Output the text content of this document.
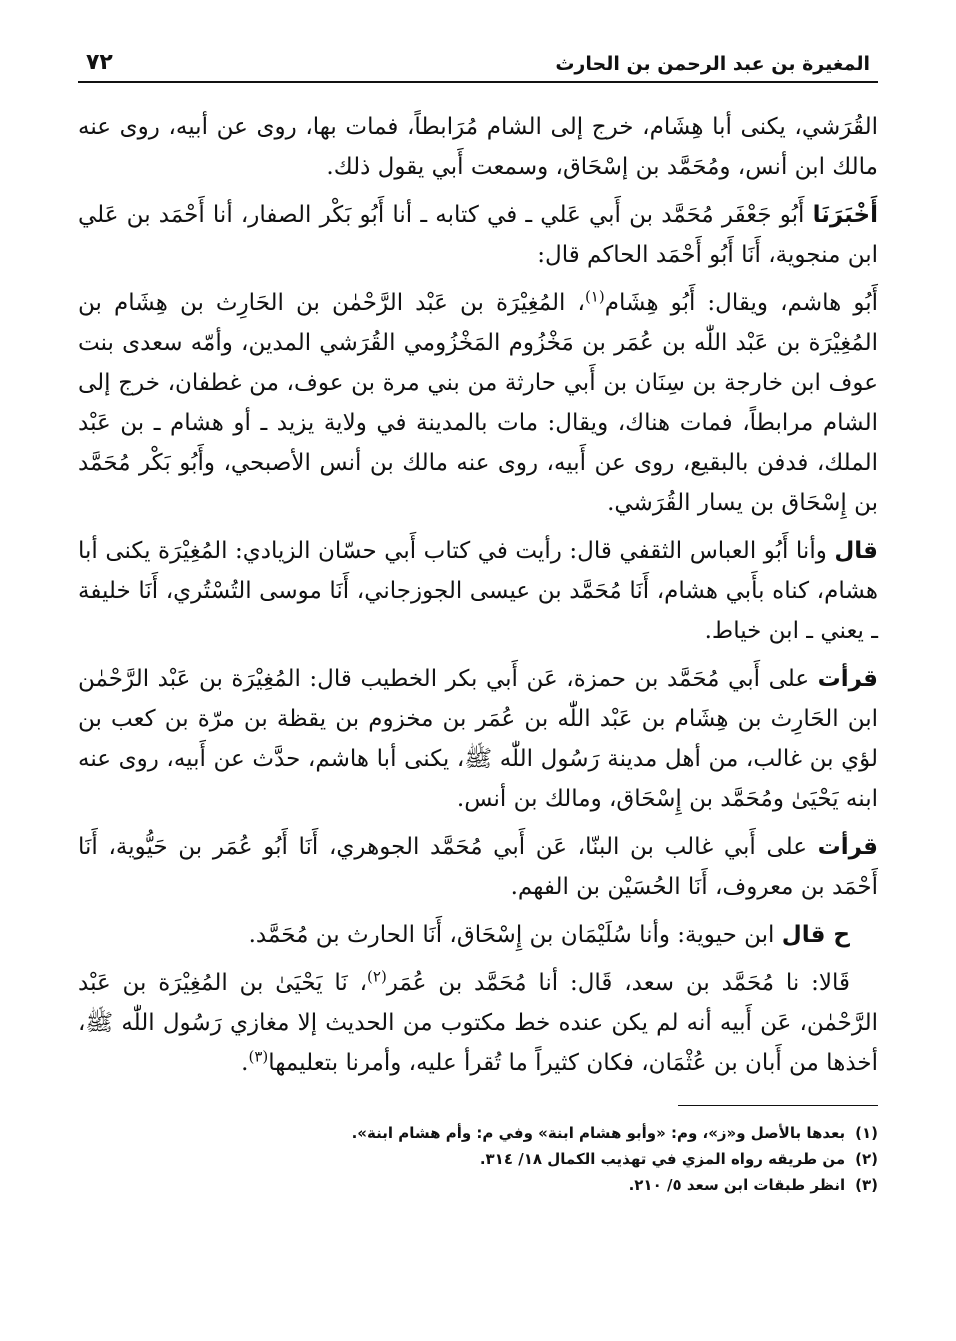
المغيرة بن عبد الرحمن بن الحارث
٧٢

القُرَشي، يكنى أبا هِشَام، خرج إلى الشام مُرَابطاً، فمات بها، روى عن أبيه، روى عنه مالك ابن أنس، ومُحَمَّد بن إسْحَاق، وسمعت أَبي يقول ذلك.

أَخْبَرَنَا أَبُو جَعْفَر مُحَمَّد بن أَبي عَلي ـ في كتابه ـ أنا أَبُو بَكْر الصفار، أنا أَحْمَد بن عَلي ابن منجوية، أَنَا أَبُو أَحْمَد الحاكم قال:

أَبُو هاشم، ويقال: أَبُو هِشَام$^{(١)}$، المُغِيْرَة بن عَبْد الرَّحْمٰن بن الحَارِث بن هِشَام بن المُغِيْرَة بن عَبْد اللّٰه بن عُمَر بن مَخْزُوم المَخْزُومي القُرَشي المدين، وأمّه سعدى بنت عوف ابن خارجة بن سِنَان بن أَبي حارثة من بني مرة بن عوف، من غطفان، خرج إلى الشام مرابطاً، فمات هناك، ويقال: مات بالمدينة في ولاية يزيد ـ أو هشام ـ بن عَبْد الملك، فدفن بالبقيع، روى عن أَبيه، روى عنه مالك بن أنس الأصبحي، وأَبُو بَكْر مُحَمَّد بن إِسْحَاق بن يسار القُرَشي.

قال وأنا أَبُو العباس الثقفي قال: رأيت في كتاب أَبي حسّان الزيادي: المُغِيْرَة يكنى أبا هشام، كناه بأَبي هشام، أَنَا مُحَمَّد بن عيسى الجوزجاني، أَنَا موسى التُسْتُري، أَنَا خليفة ـ يعني ـ ابن خياط.

قرأت على أَبي مُحَمَّد بن حمزة، عَن أَبي بكر الخطيب قال: المُغِيْرَة بن عَبْد الرَّحْمٰن ابن الحَارِث بن هِشَام بن عَبْد اللّٰه بن عُمَر بن مخزوم بن يقظة بن مرّة بن كعب بن لؤي بن غالب، من أهل مدينة رَسُول اللّٰه ﷺ، يكنى أبا هاشم، حدَّث عن أَبيه، روى عنه ابنه يَحْيَىٰ ومُحَمَّد بن إِسْحَاق، ومالك بن أنس.

قرأت على أَبي غالب بن البنّا، عَن أَبي مُحَمَّد الجوهري، أَنَا أَبُو عُمَر بن حَيُّوية، أَنَا أَحْمَد بن معروف، أَنَا الحُسَيْن بن الفهم.

ح قال ابن حيوية: وأنا سُلَيْمَان بن إِسْحَاق، أَنَا الحارث بن مُحَمَّد.

قَالا: نا مُحَمَّد بن سعد، قَال: أنا مُحَمَّد بن عُمَر$^{(٢)}$، نَا يَحْيَىٰ بن المُغِيْرَة بن عَبْد الرَّحْمٰن، عَن أَبيه أنه لم يكن عنده خط مكتوب من الحديث إلا مغازي رَسُول اللّٰه ﷺ، أخذها من أَبان بن عُثْمَان، فكان كثيراً ما تُقرأ عليه، وأمرنا بتعليمها$^{(٣)}$.

(١)
بعدها بالأصل و«ز»، وم: «وأبو هشام ابنة» وفي م: وأم هشام ابنة».
(٢)
من طريقه رواه المزي في تهذيب الكمال ١٨/ ٣١٤.
(٣)
انظر طبقات ابن سعد ٥/ ٢١٠.
